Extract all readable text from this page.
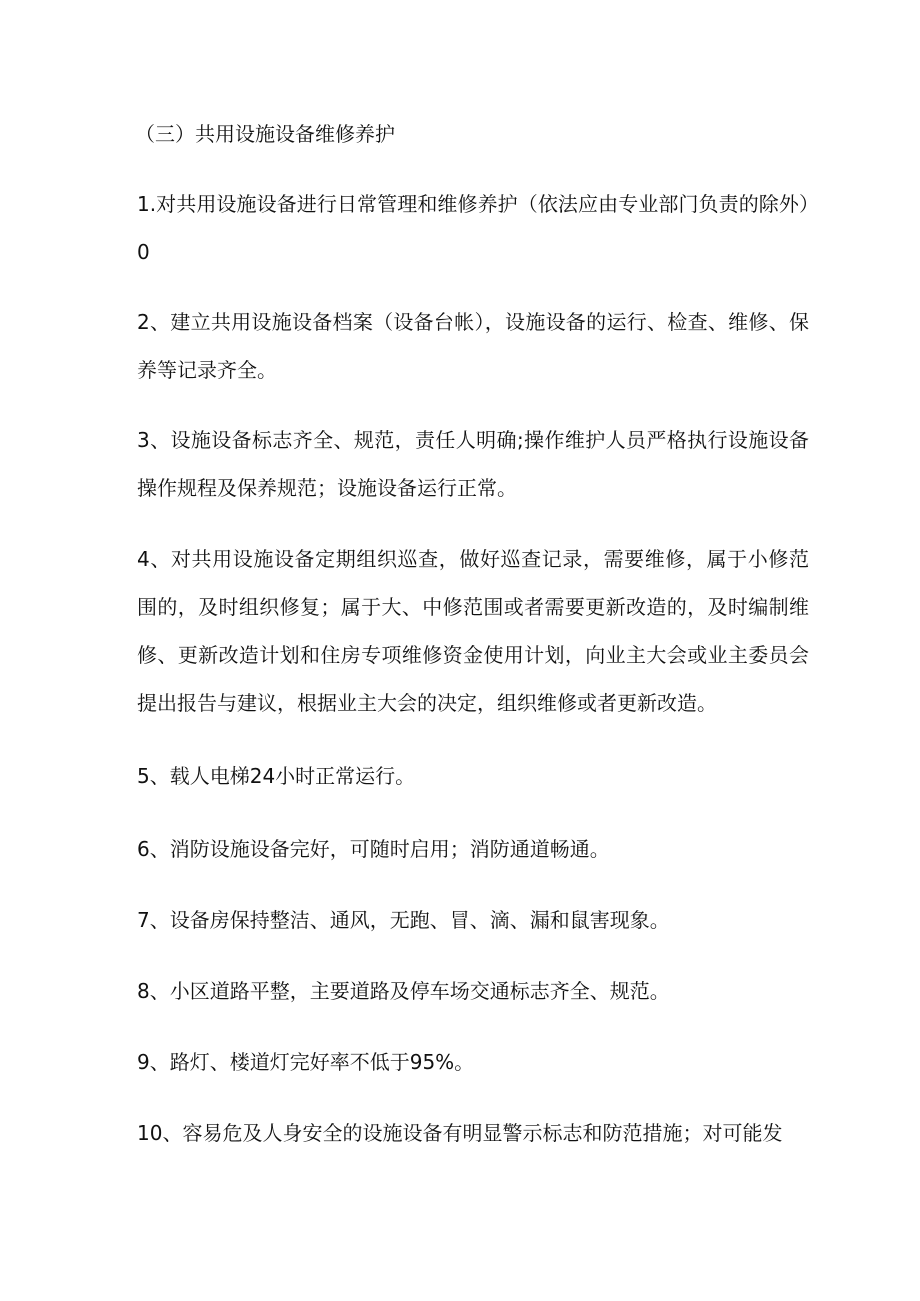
（三）共用设施设备维修养护

1.对共用设施设备进行日常管理和维修养护（依法应由专业部门负责的除外）0

2、建立共用设施设备档案（设备台帐），设施设备的运行、检查、维修、保养等记录齐全。

3、设施设备标志齐全、规范，责任人明确;操作维护人员严格执行设施设备操作规程及保养规范；设施设备运行正常。

4、对共用设施设备定期组织巡查，做好巡查记录，需要维修，属于小修范围的，及时组织修复；属于大、中修范围或者需要更新改造的，及时编制维修、更新改造计划和住房专项维修资金使用计划，向业主大会或业主委员会提出报告与建议，根据业主大会的决定，组织维修或者更新改造。

5、载人电梯24小时正常运行。

6、消防设施设备完好，可随时启用；消防通道畅通。

7、设备房保持整洁、通风，无跑、冒、滴、漏和鼠害现象。

8、小区道路平整，主要道路及停车场交通标志齐全、规范。

9、路灯、楼道灯完好率不低于95%。

10、容易危及人身安全的设施设备有明显警示标志和防范措施；对可能发
